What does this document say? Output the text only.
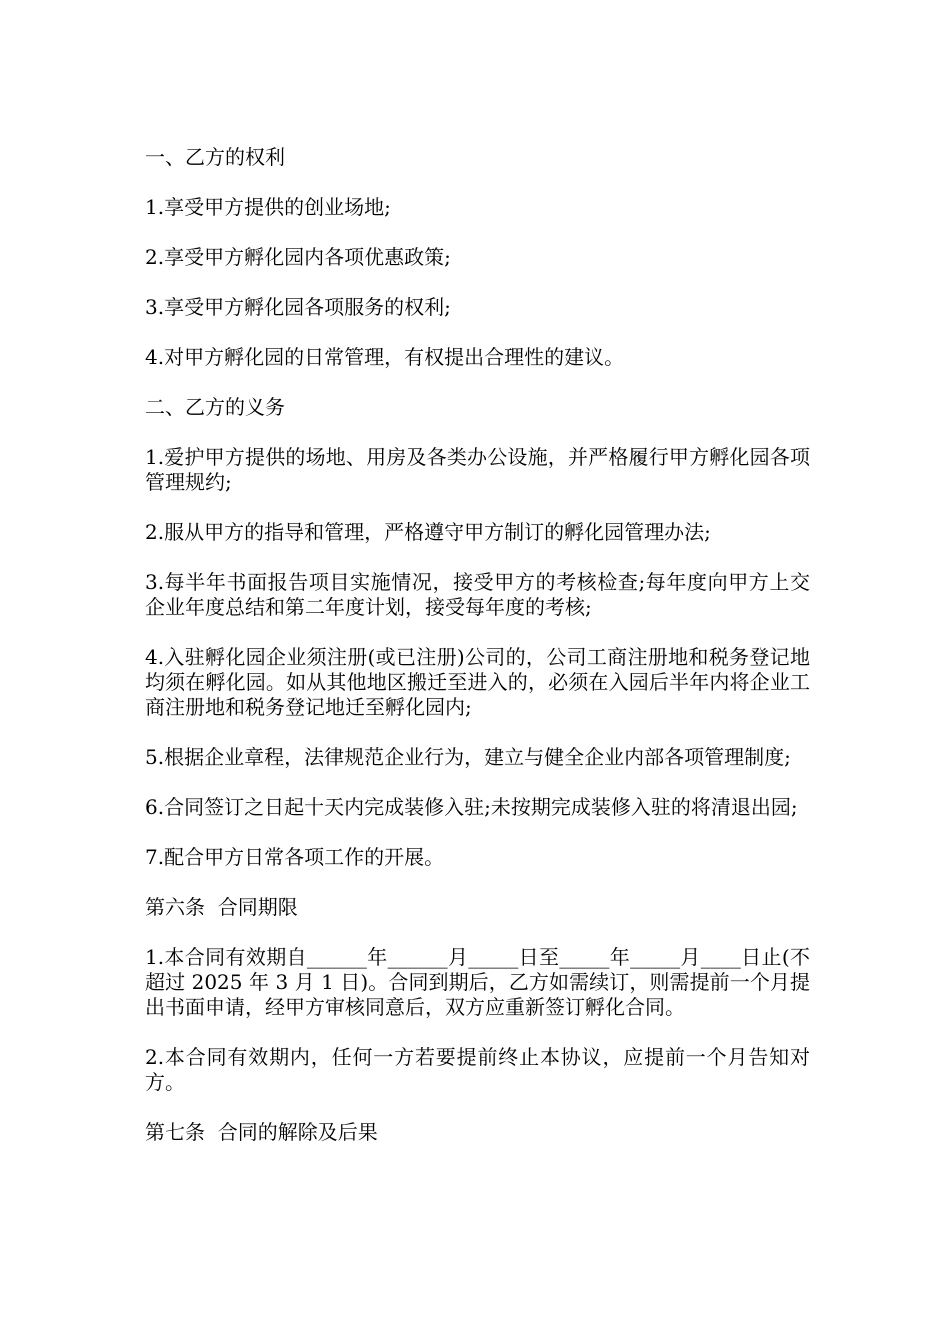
一、乙方的权利

1.享受甲方提供的创业场地;

2.享受甲方孵化园内各项优惠政策;

3.享受甲方孵化园各项服务的权利;

4.对甲方孵化园的日常管理，有权提出合理性的建议。

二、乙方的义务

1.爱护甲方提供的场地、用房及各类办公设施，并严格履行甲方孵化园各项管理规约;

2.服从甲方的指导和管理，严格遵守甲方制订的孵化园管理办法;

3.每半年书面报告项目实施情况，接受甲方的考核检查;每年度向甲方上交企业年度总结和第二年度计划，接受每年度的考核;

4.入驻孵化园企业须注册(或已注册)公司的，公司工商注册地和税务登记地均须在孵化园。如从其他地区搬迁至进入的，必须在入园后半年内将企业工商注册地和税务登记地迁至孵化园内;

5.根据企业章程，法律规范企业行为，建立与健全企业内部各项管理制度;

6.合同签订之日起十天内完成装修入驻;未按期完成装修入驻的将清退出园;

7.配合甲方日常各项工作的开展。

第六条  合同期限

1.本合同有效期自______年______月_____日至_____年_____月____日止(不超过 2025 年 3 月 1 日)。合同到期后，乙方如需续订，则需提前一个月提出书面申请，经甲方审核同意后，双方应重新签订孵化合同。

2.本合同有效期内，任何一方若要提前终止本协议，应提前一个月告知对方。

第七条  合同的解除及后果
